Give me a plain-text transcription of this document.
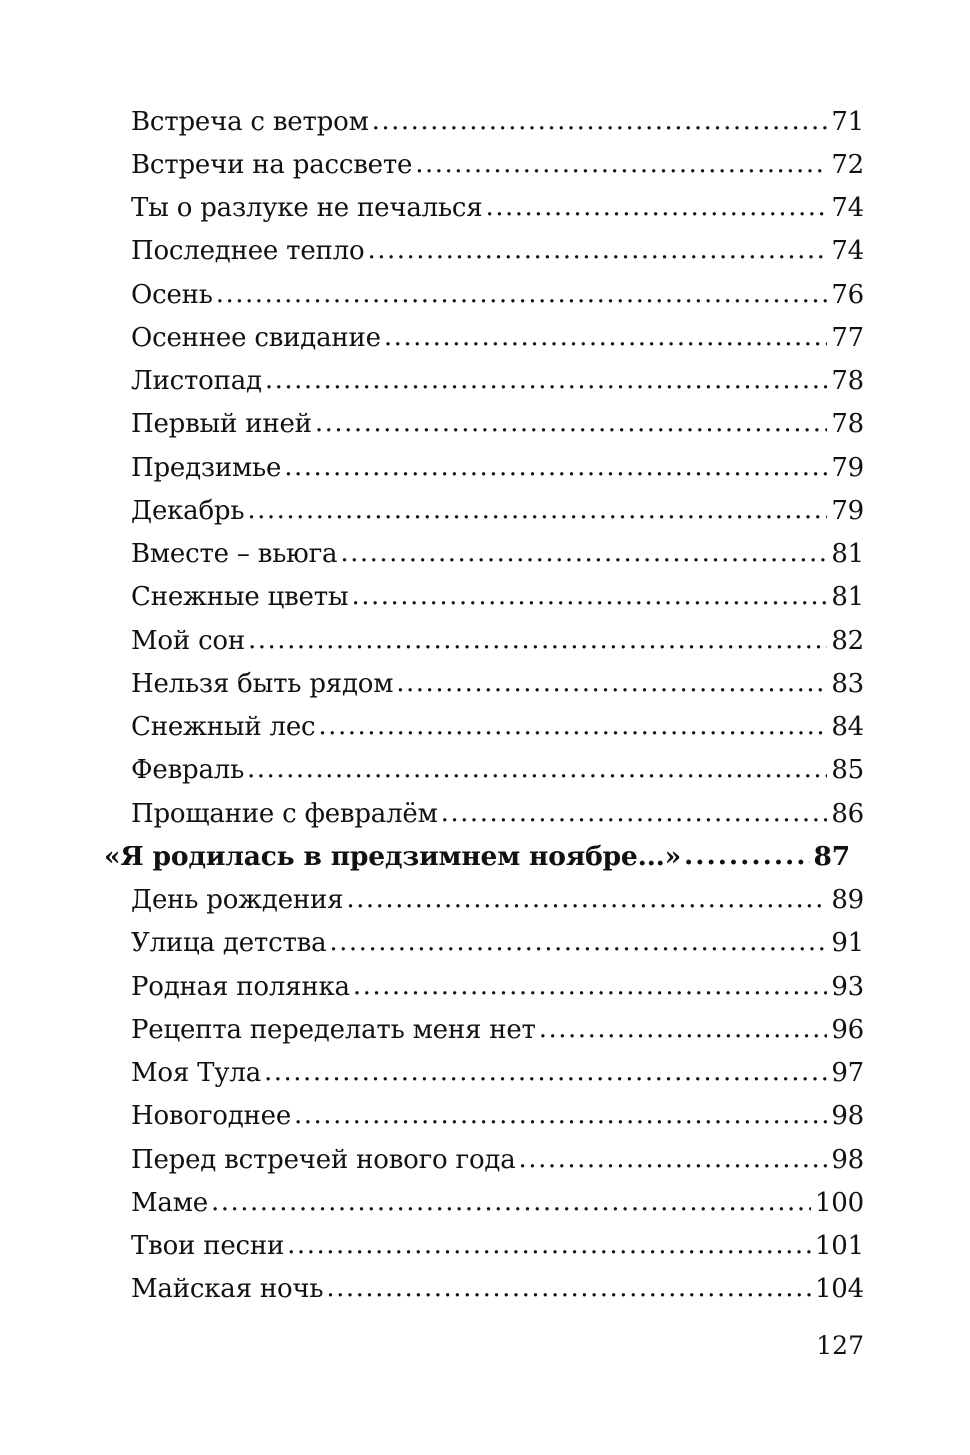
Встреча с ветром .....	71
Встречи на рассвете .....	72
Ты о разлуке не печалься .....	74
Последнее тепло .....	74
Осень .....	76
Осеннее свидание .....	77
Листопад .....	78
Первый иней .....	78
Предзимье .....	79
Декабрь .....	79
Вместе – вьюга .....	81
Снежные цветы .....	81
Мой сон .....	82
Нельзя быть рядом .....	83
Снежный лес .....	84
Февраль .....	85
Прощание с февралём .....	86
«Я родилась в предзимнем ноябре...» .....	87
День рождения .....	89
Улица детства .....	91
Родная полянка .....	93
Рецепта переделать меня нет .....	96
Моя Тула .....	97
Новогоднее .....	98
Перед встречей нового года .....	98
Маме .....	100
Твои песни .....	101
Майская ночь .....	104
127
